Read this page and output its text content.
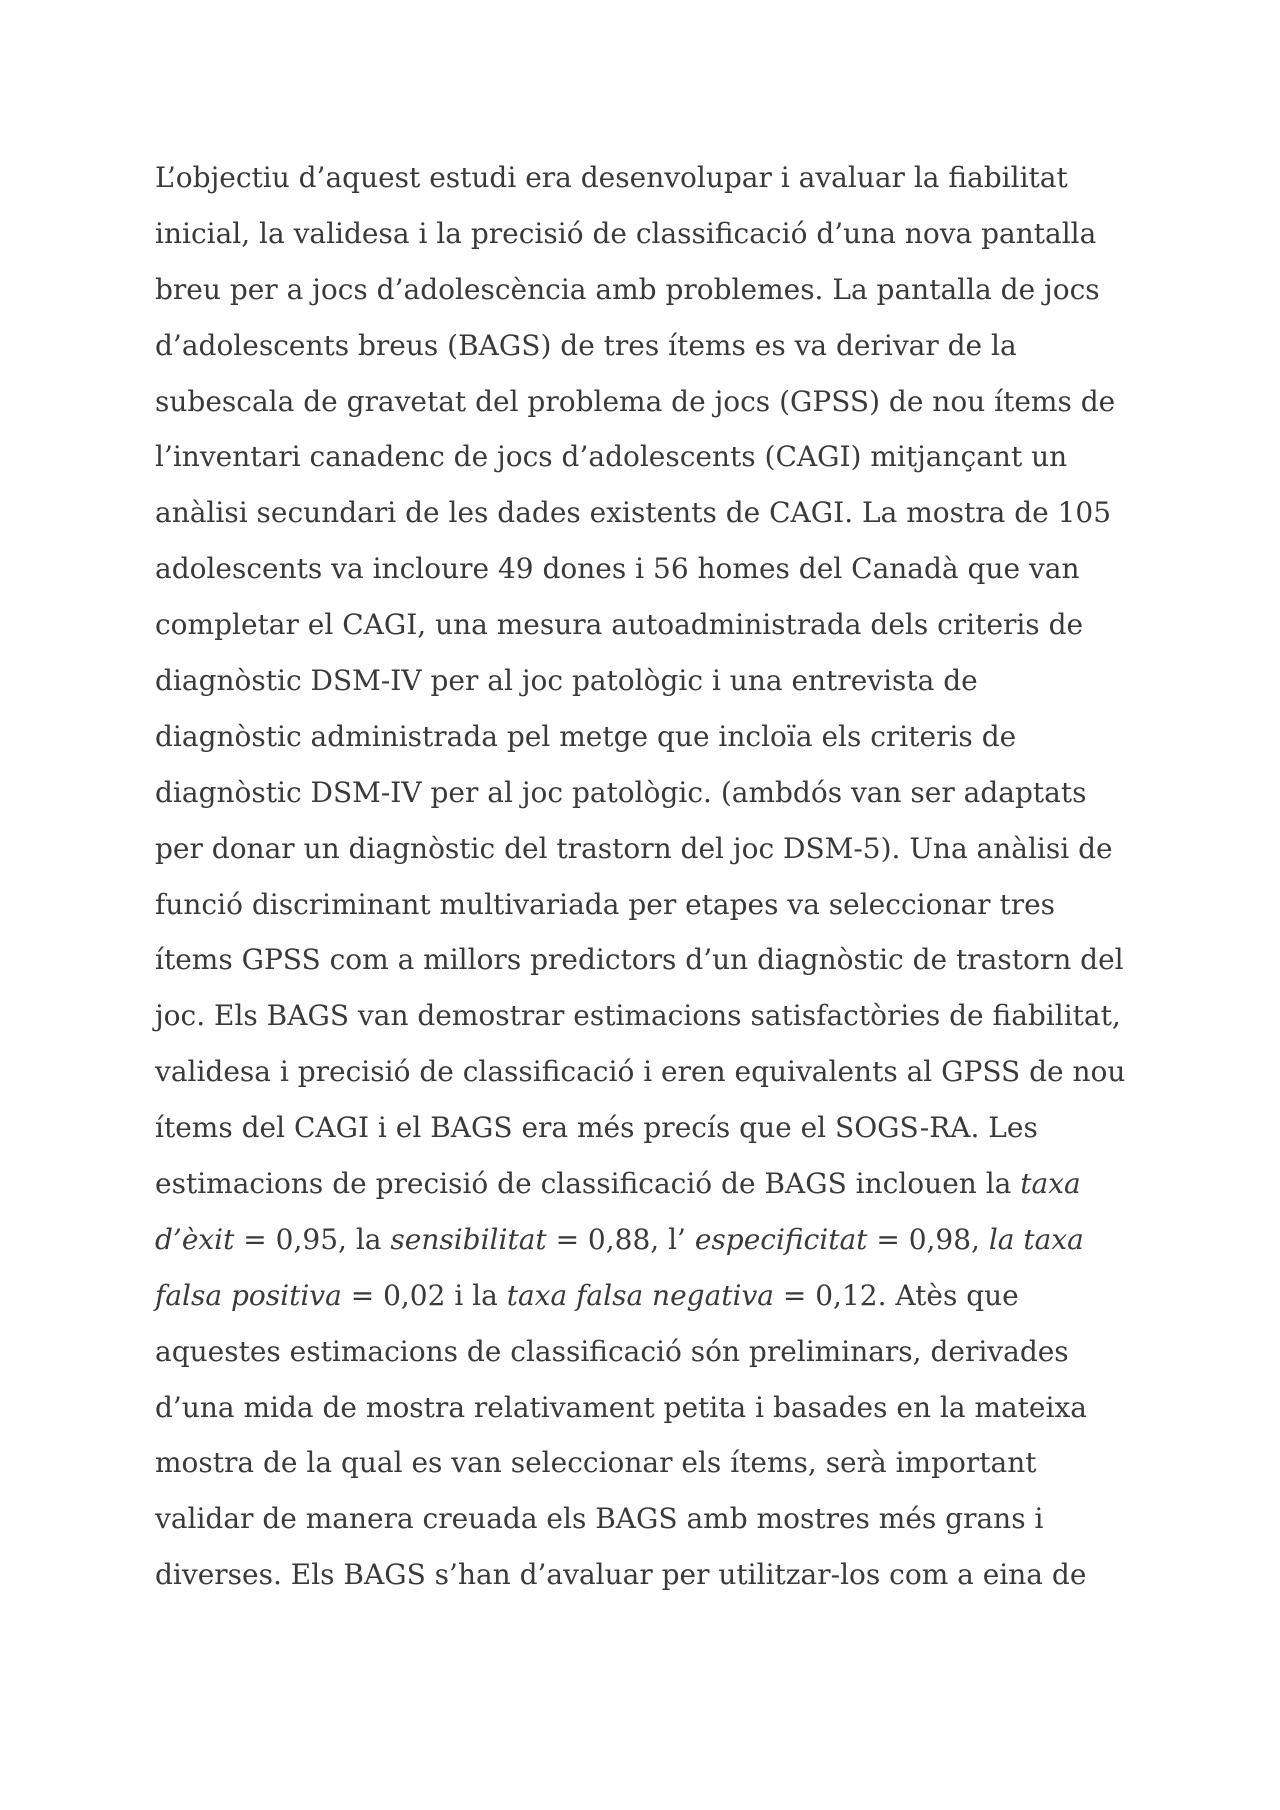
L’objectiu d’aquest estudi era desenvolupar i avaluar la fiabilitat
inicial, la validesa i la precisió de classificació d’una nova pantalla
breu per a jocs d’adolescència amb problemes. La pantalla de jocs
d’adolescents breus (BAGS) de tres ítems es va derivar de la
subescala de gravetat del problema de jocs (GPSS) de nou ítems de
l’inventari canadenc de jocs d’adolescents (CAGI) mitjançant un
anàlisi secundari de les dades existents de CAGI. La mostra de 105
adolescents va incloure 49 dones i 56 homes del Canadà que van
completar el CAGI, una mesura autoadministrada dels criteris de
diagnòstic DSM-IV per al joc patològic i una entrevista de
diagnòstic administrada pel metge que incloïa els criteris de
diagnòstic DSM-IV per al joc patològic. (ambdós van ser adaptats
per donar un diagnòstic del trastorn del joc DSM-5). Una anàlisi de
funció discriminant multivariada per etapes va seleccionar tres
ítems GPSS com a millors predictors d’un diagnòstic de trastorn del
joc. Els BAGS van demostrar estimacions satisfactòries de fiabilitat,
validesa i precisió de classificació i eren equivalents al GPSS de nou
ítems del CAGI i el BAGS era més precís que el SOGS-RA. Les
estimacions de precisió de classificació de BAGS inclouen la taxa
d’èxit = 0,95, la sensibilitat = 0,88, l’ especificitat = 0,98, la taxa
falsa positiva = 0,02 i la taxa falsa negativa = 0,12. Atès que
aquestes estimacions de classificació són preliminars, derivades
d’una mida de mostra relativament petita i basades en la mateixa
mostra de la qual es van seleccionar els ítems, serà important
validar de manera creuada els BAGS amb mostres més grans i
diverses. Els BAGS s’han d’avaluar per utilitzar-los com a eina de
